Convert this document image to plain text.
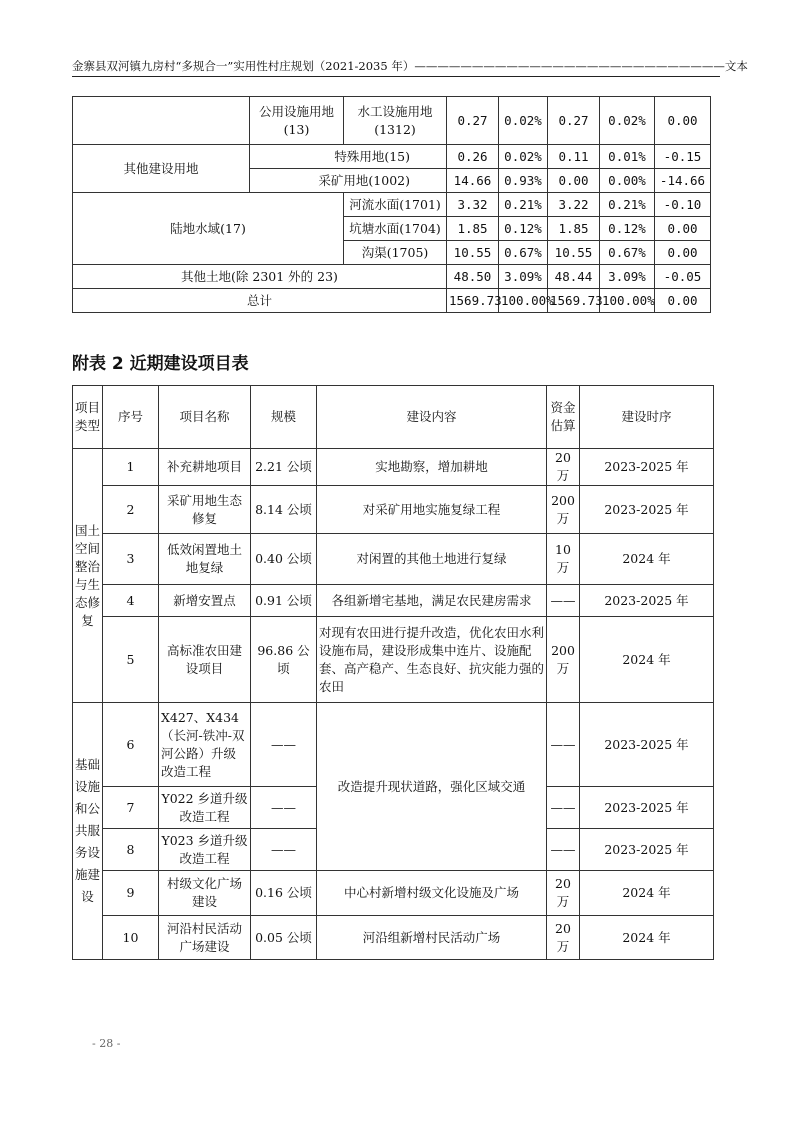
金寨县双河镇九房村“多规合一”实用性村庄规划（2021-2035 年）———————————————————————————文本
	公用设施用地(13)	水工设施用地(1312)	0.27	0.02%	0.27	0.02%	0.00
其他建设用地	特殊用地(15)		0.26	0.02%	0.11	0.01%	-0.15
	采矿用地(1002)		14.66	0.93%	0.00	0.00%	-14.66
陆地水域(17)		河流水面(1701)	3.32	0.21%	3.22	0.21%	-0.10
		坑塘水面(1704)	1.85	0.12%	1.85	0.12%	0.00
		沟渠(1705)	10.55	0.67%	10.55	0.67%	0.00
其他土地(除 2301 外的 23)			48.50	3.09%	48.44	3.09%	-0.05
总计			1569.73	100.00%	1569.73	100.00%	0.00
附表 2 近期建设项目表
项目类型	序号	项目名称	规模	建设内容	资金估算	建设时序
国土空间整治与生态修复	1	补充耕地项目	2.21 公顷	实地勘察，增加耕地	20 万	2023-2025 年
	2	采矿用地生态修复	8.14 公顷	对采矿用地实施复绿工程	200 万	2023-2025 年
	3	低效闲置地土地复绿	0.40 公顷	对闲置的其他土地进行复绿	10 万	2024 年
	4	新增安置点	0.91 公顷	各组新增宅基地，满足农民建房需求	——	2023-2025 年
	5	高标准农田建设项目	96.86 公顷	对现有农田进行提升改造，优化农田水利设施布局，建设形成集中连片、设施配套、高产稳产、生态良好、抗灾能力强的农田	200 万	2024 年
基础设施和公共服务设施建设	6	X427、X434（长河-铁冲-双河公路）升级改造工程	——	改造提升现状道路，强化区域交通	——	2023-2025 年
	7	Y022 乡道升级改造工程	——		——	2023-2025 年
	8	Y023 乡道升级改造工程	——		——	2023-2025 年
	9	村级文化广场建设	0.16 公顷	中心村新增村级文化设施及广场	20 万	2024 年
	10	河沿村民活动广场建设	0.05 公顷	河沿组新增村民活动广场	20 万	2024 年
- 28 -
